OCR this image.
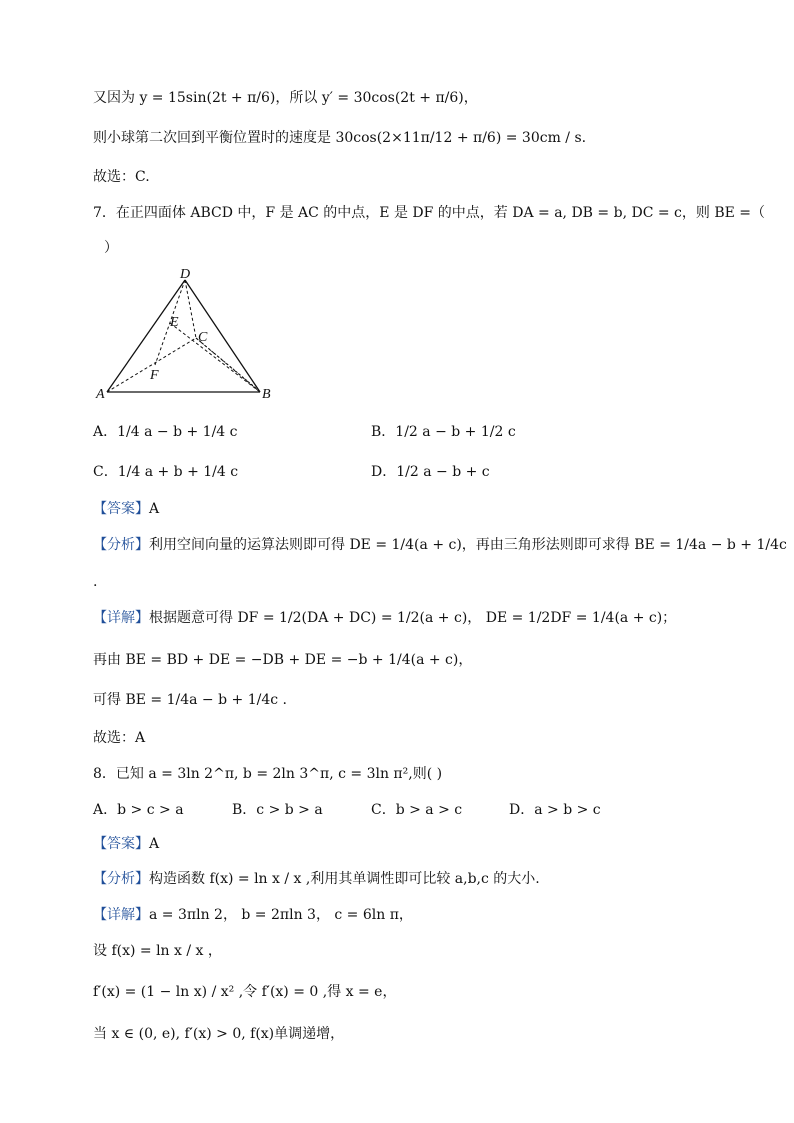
又因为 y = 15sin(2t + π/6)，所以 y′ = 30cos(2t + π/6)，
则小球第二次回到平衡位置时的速度是 30cos(2×11π/12 + π/6) = 30cm / s.
故选：C.
7．在正四面体 ABCD 中，F 是 AC 的中点，E 是 DF 的中点，若 DA = a, DB = b, DC = c，则 BE =（
）
D
E
C
F
A	B
A．1/4 a − b + 1/4 c	B．1/2 a − b + 1/2 c
C．1/4 a + b + 1/4 c	D．1/2 a − b + c
【答案】A
【分析】利用空间向量的运算法则即可得 DE = 1/4(a + c)，再由三角形法则即可求得 BE = 1/4a − b + 1/4c
.
【详解】根据题意可得 DF = 1/2(DA + DC) = 1/2(a + c)， DE = 1/2DF = 1/4(a + c)；
再由 BE = BD + DE = −DB + DE = −b + 1/4(a + c)，
可得 BE = 1/4a − b + 1/4c .
故选：A
8．已知 a = 3ln 2^π, b = 2ln 3^π, c = 3ln π²,则( )
A．b > c > a	B．c > b > a	C．b > a > c	D．a > b > c
【答案】A
【分析】构造函数 f(x) = ln x / x ,利用其单调性即可比较 a,b,c 的大小.
【详解】a = 3πln 2， b = 2πln 3， c = 6ln π，
设 f(x) = ln x / x ，
f′(x) = (1 − ln x) / x² ,令 f′(x) = 0 ,得 x = e，
当 x ∈ (0, e), f′(x) > 0, f(x)单调递增，
